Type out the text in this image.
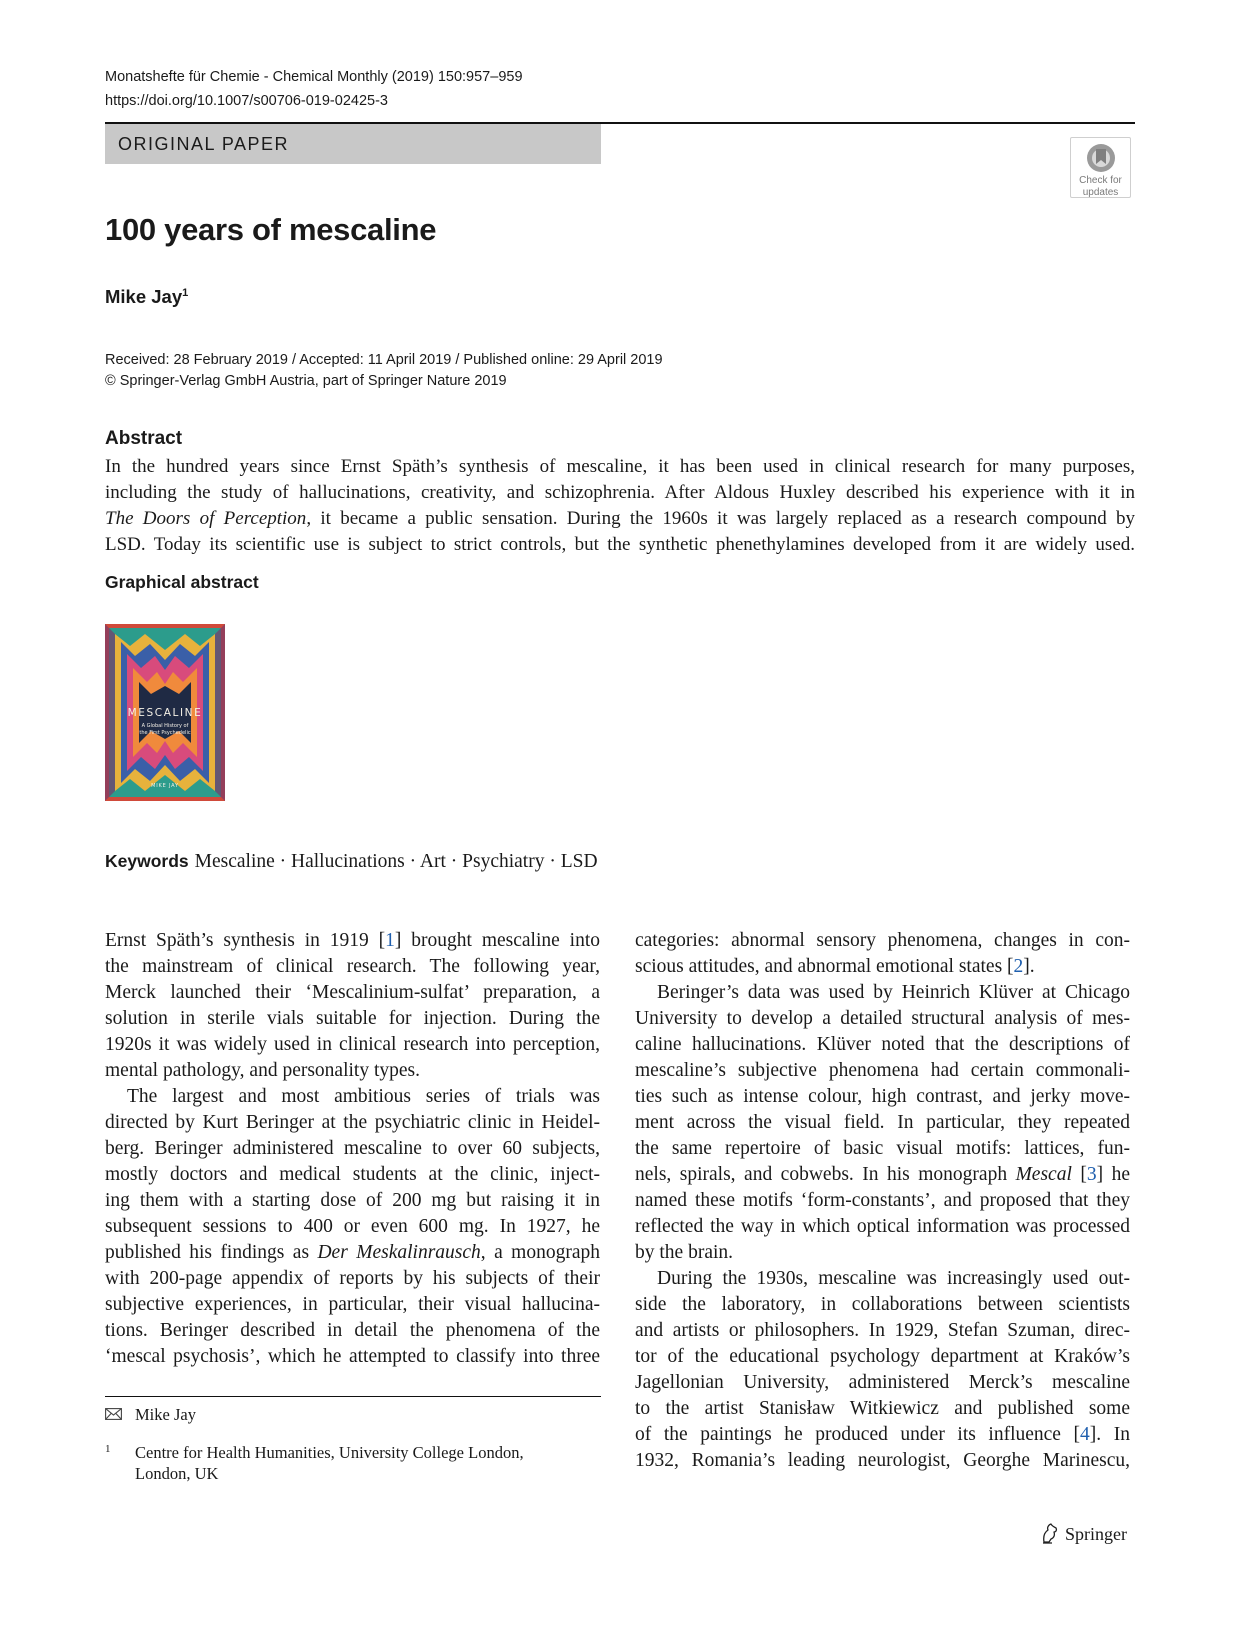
Monatshefte für Chemie - Chemical Monthly (2019) 150:957–959
https://doi.org/10.1007/s00706-019-02425-3
ORIGINAL PAPER
Check for
updates
100 years of mescaline
Mike Jay$^1$
Received: 28 February 2019 / Accepted: 11 April 2019 / Published online: 29 April 2019
© Springer-Verlag GmbH Austria, part of Springer Nature 2019
Abstract
In the hundred years since Ernst Späth’s synthesis of mescaline, it has been used in clinical research for many purposes,
including the study of hallucinations, creativity, and schizophrenia. After Aldous Huxley described his experience with it in
The Doors of Perception, it became a public sensation. During the 1960s it was largely replaced as a research compound by
LSD. Today its scientific use is subject to strict controls, but the synthetic phenethylamines developed from it are widely used.
Graphical abstract
MESCALINE
A Global History of
the First Psychedelic
MIKE JAY
Keywords Mescaline · Hallucinations · Art · Psychiatry · LSD
Ernst Späth’s synthesis in 1919 [1] brought mescaline into
the mainstream of clinical research. The following year,
Merck launched their ‘Mescalinium-sulfat’ preparation, a
solution in sterile vials suitable for injection. During the
1920s it was widely used in clinical research into perception,
mental pathology, and personality types.
The largest and most ambitious series of trials was
directed by Kurt Beringer at the psychiatric clinic in Heidel-
berg. Beringer administered mescaline to over 60 subjects,
mostly doctors and medical students at the clinic, inject-
ing them with a starting dose of 200 mg but raising it in
subsequent sessions to 400 or even 600 mg. In 1927, he
published his findings as Der Meskalinrausch, a monograph
with 200-page appendix of reports by his subjects of their
subjective experiences, in particular, their visual hallucina-
tions. Beringer described in detail the phenomena of the
‘mescal psychosis’, which he attempted to classify into three
categories: abnormal sensory phenomena, changes in con-
scious attitudes, and abnormal emotional states [2].
Beringer’s data was used by Heinrich Klüver at Chicago
University to develop a detailed structural analysis of mes-
caline hallucinations. Klüver noted that the descriptions of
mescaline’s subjective phenomena had certain commonali-
ties such as intense colour, high contrast, and jerky move-
ment across the visual field. In particular, they repeated
the same repertoire of basic visual motifs: lattices, fun-
nels, spirals, and cobwebs. In his monograph Mescal [3] he
named these motifs ‘form-constants’, and proposed that they
reflected the way in which optical information was processed
by the brain.
During the 1930s, mescaline was increasingly used out-
side the laboratory, in collaborations between scientists
and artists or philosophers. In 1929, Stefan Szuman, direc-
tor of the educational psychology department at Kraków’s
Jagellonian University, administered Merck’s mescaline
to the artist Stanisław Witkiewicz and published some
of the paintings he produced under its influence [4]. In
1932, Romania’s leading neurologist, Georghe Marinescu,
Mike Jay
1 Centre for Health Humanities, University College London,
London, UK
Springer
